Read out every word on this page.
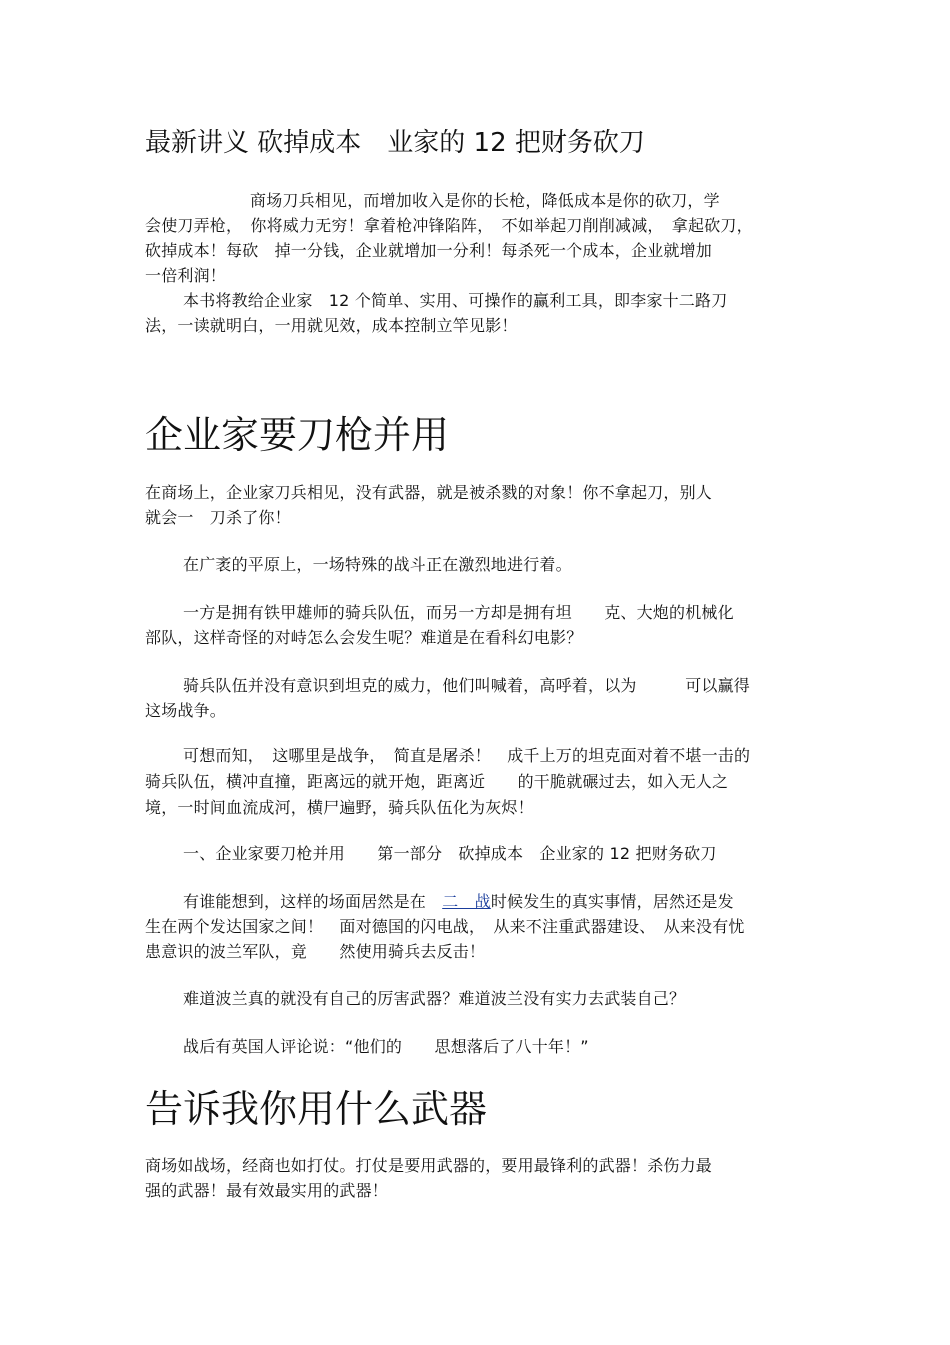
最新讲义 砍掉成本　业家的 12 把财务砍刀
商场刀兵相见，而增加收入是你的长枪，降低成本是你的砍刀，学
会使刀弄枪，　你将威力无穷！拿着枪冲锋陷阵，　不如举起刀削削减减，　拿起砍刀，
砍掉成本！每砍　掉一分钱，企业就增加一分利！每杀死一个成本，企业就增加
一倍利润！
本书将教给企业家　12 个简单、实用、可操作的赢利工具，即李家十二路刀
法，一读就明白，一用就见效，成本控制立竿见影！
企业家要刀枪并用
在商场上，企业家刀兵相见，没有武器，就是被杀戮的对象！你不拿起刀，别人
就会一　刀杀了你！
在广袤的平原上，一场特殊的战斗正在激烈地进行着。
一方是拥有铁甲雄师的骑兵队伍，而另一方却是拥有坦　　克、大炮的机械化
部队，这样奇怪的对峙怎么会发生呢？难道是在看科幻电影？
骑兵队伍并没有意识到坦克的威力，他们叫喊着，高呼着，以为　　　可以赢得
这场战争。
可想而知，　这哪里是战争，　简直是屠杀！　成千上万的坦克面对着不堪一击的
骑兵队伍，横冲直撞，距离远的就开炮，距离近　　的干脆就碾过去，如入无人之
境，一时间血流成河，横尸遍野，骑兵队伍化为灰烬！
一、企业家要刀枪并用　　第一部分　砍掉成本　企业家的 12 把财务砍刀
有谁能想到，这样的场面居然是在　二　战时候发生的真实事情，居然还是发
生在两个发达国家之间！　面对德国的闪电战，　从来不注重武器建设、　从来没有忧
患意识的波兰军队，竟　　然使用骑兵去反击！
难道波兰真的就没有自己的厉害武器？难道波兰没有实力去武装自己？
战后有英国人评论说：“他们的　　思想落后了八十年！”
告诉我你用什么武器
商场如战场，经商也如打仗。打仗是要用武器的，要用最锋利的武器！杀伤力最
强的武器！最有效最实用的武器！
